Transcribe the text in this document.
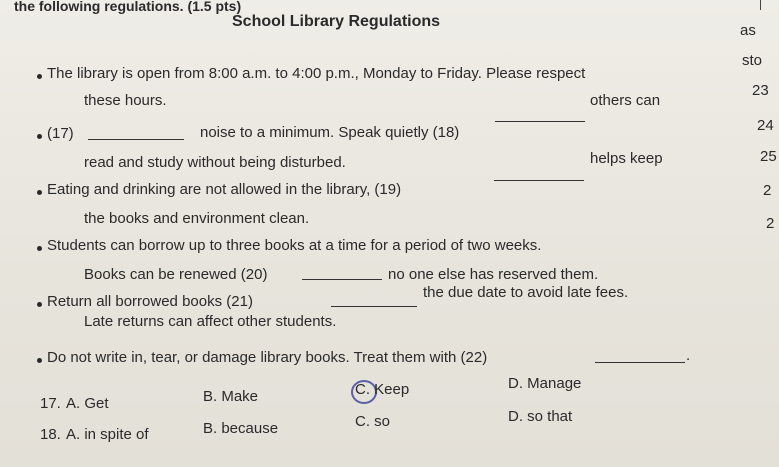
the following regulations. (1.5 pts)
School Library Regulations
The library is open from 8:00 a.m. to 4:00 p.m., Monday to Friday. Please respect
these hours.
(17)	noise to a minimum. Speak quietly (18)
others can
read and study without being disturbed.
Eating and drinking are not allowed in the library, (19)
helps keep
the books and environment clean.
Students can borrow up to three books at a time for a period of two weeks.
Books can be renewed (20)	no one else has reserved them.
Return all borrowed books (21)
the due date to avoid late fees.
Late returns can affect other students.
Do not write in, tear, or damage library books. Treat them with (22)	.
17. A. Get	B. Make	C. Keep	D. Manage
18. A. in spite of	B. because	C. so	D. so that
as
sto
23
24
25
2
2
